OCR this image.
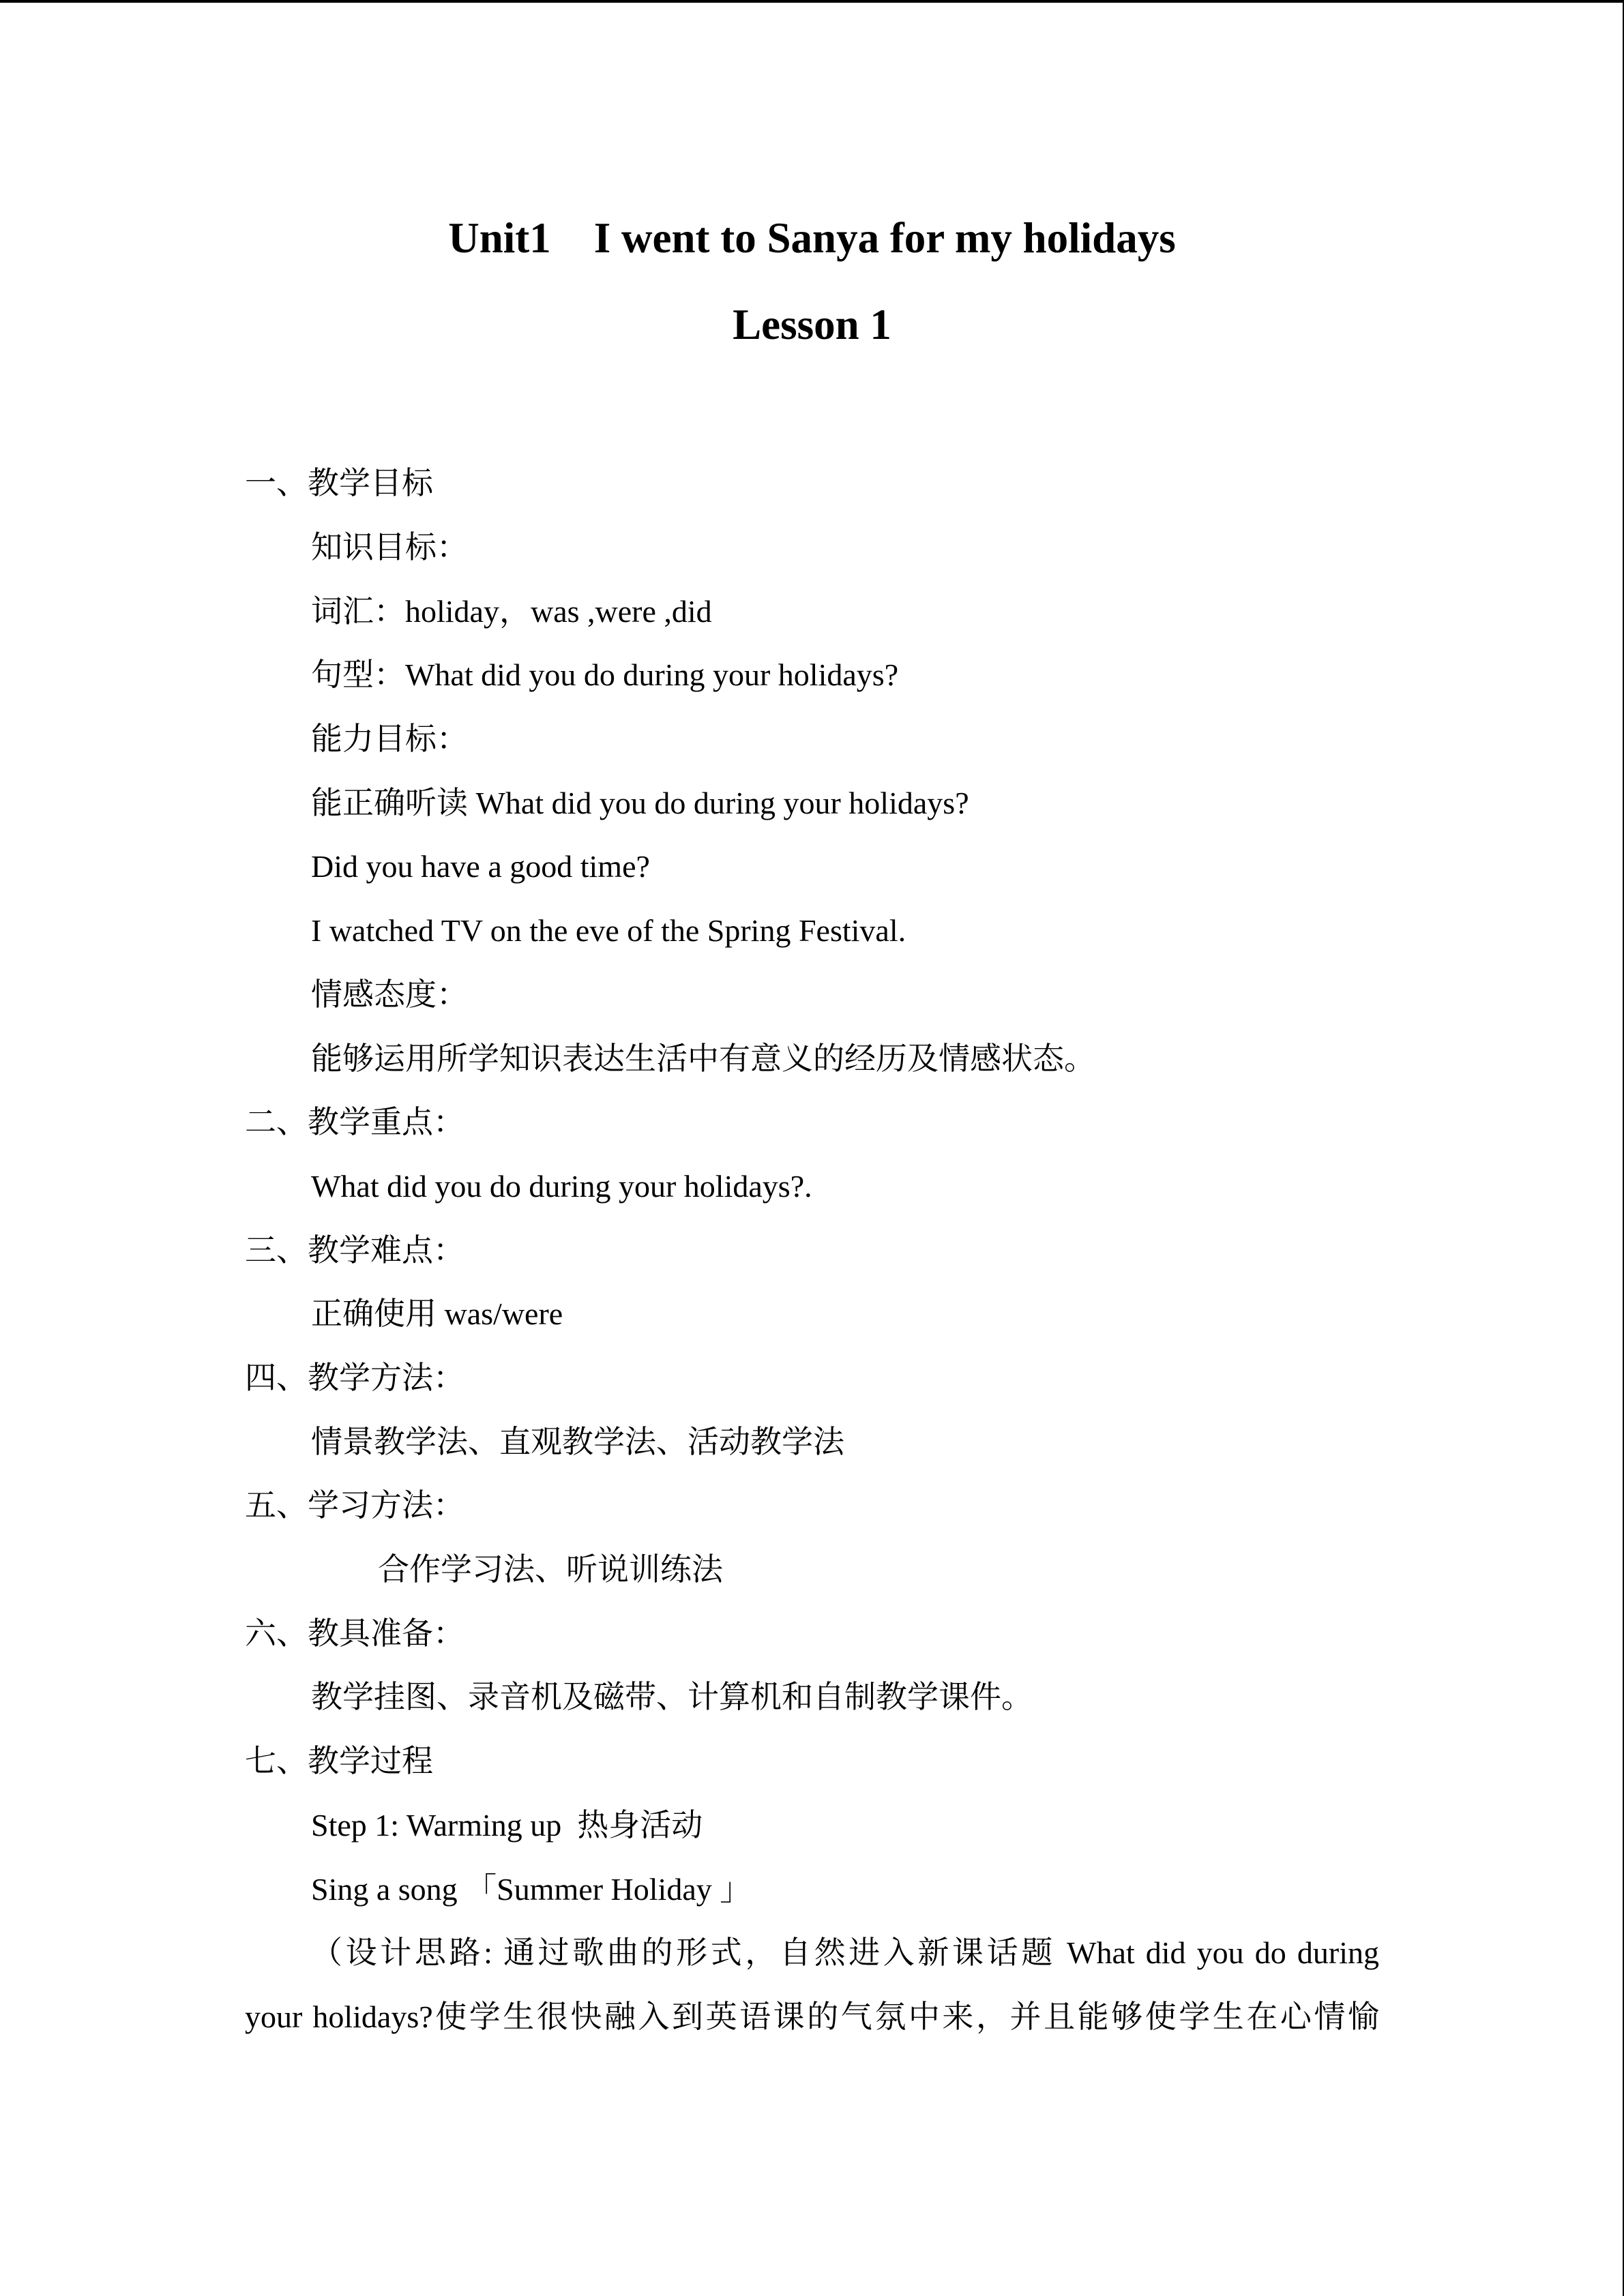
Unit1    I went to Sanya for my holidays
Lesson 1
一、教学目标
知识目标：
词汇：holiday，was ,were ,did
句型：What did you do during your holidays?
能力目标：
能正确听读 What did you do during your holidays?
Did you have a good time?
I watched TV on the eve of the Spring Festival.
情感态度：
能够运用所学知识表达生活中有意义的经历及情感状态。
二、教学重点：
What did you do during your holidays?.
三、教学难点：
正确使用 was/were
四、教学方法：
情景教学法、直观教学法、活动教学法
五、学习方法：
合作学习法、听说训练法
六、教具准备：
教学挂图、录音机及磁带、计算机和自制教学课件。
七、教学过程
Step 1: Warming up  热身活动
Sing a song 「Summer Holiday 」
（设计思路: 通过歌曲的形式，自然进入新课话题 What did you do during
your holidays?使学生很快融入到英语课的气氛中来，并且能够使学生在心情愉
